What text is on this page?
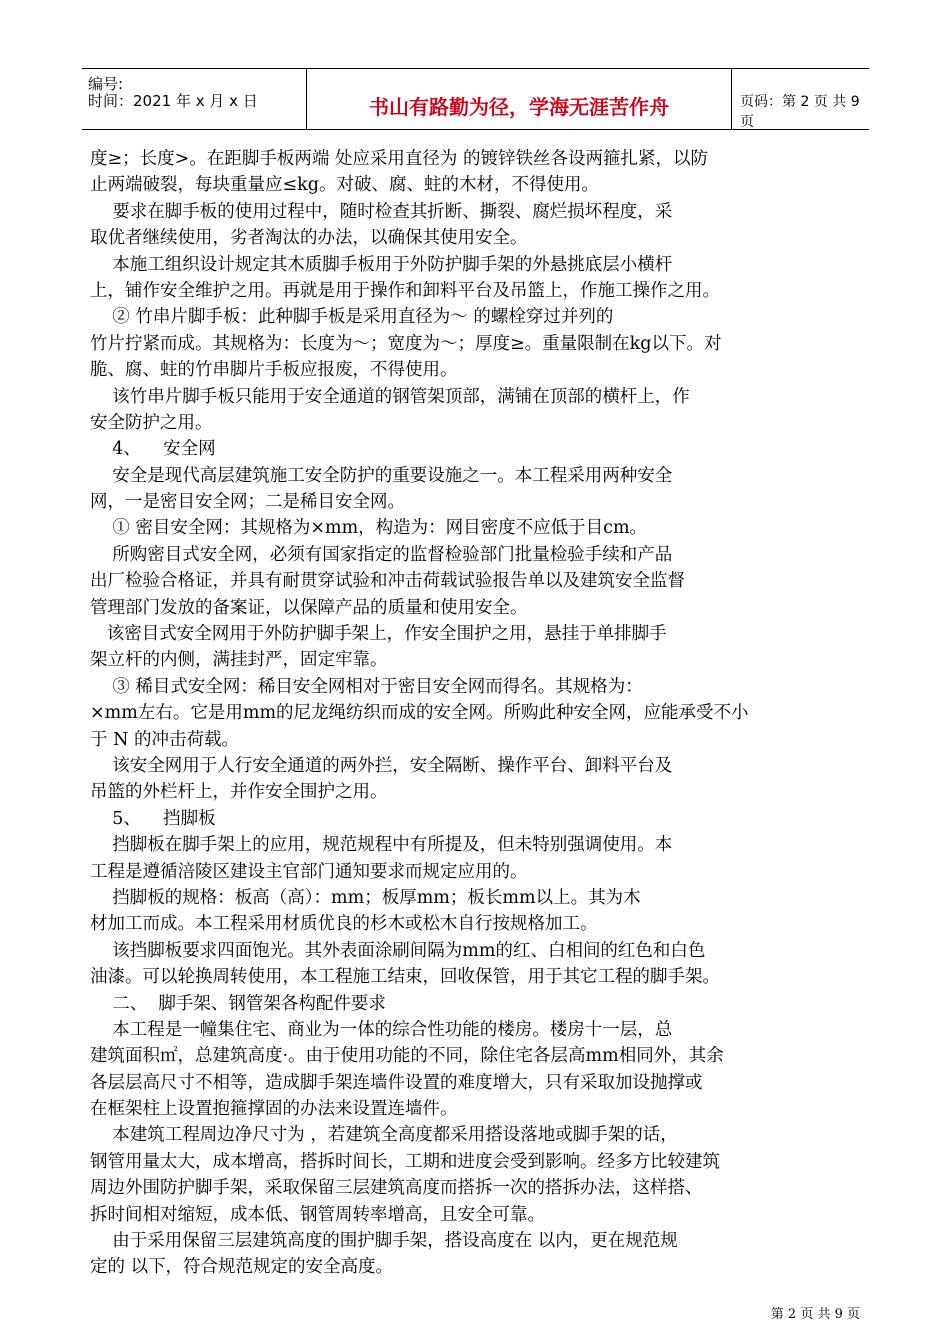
编号:
时间：2021 年 x 月 x 日	书山有路勤为径，学海无涯苦作舟	页码：第 2 页 共 9 页
度≥；长度>。在距脚手板两端 处应采用直径为 的镀锌铁丝各设两箍扎紧，以防
止两端破裂，每块重量应≤kg。对破、腐、蛀的木材，不得使用。
要求在脚手板的使用过程中，随时检查其折断、撕裂、腐烂损坏程度，采
取优者继续使用，劣者淘汰的办法，以确保其使用安全。
本施工组织设计规定其木质脚手板用于外防护脚手架的外悬挑底层小横杆
上，铺作安全维护之用。再就是用于操作和卸料平台及吊篮上，作施工操作之用。
② 竹串片脚手板：此种脚手板是采用直径为～ 的螺栓穿过并列的
竹片拧紧而成。其规格为：长度为～；宽度为～；厚度≥。重量限制在kg以下。对
脆、腐、蛀的竹串脚片手板应报废，不得使用。
该竹串片脚手板只能用于安全通道的钢管架顶部，满铺在顶部的横杆上，作
安全防护之用。
4、    安全网
安全是现代高层建筑施工安全防护的重要设施之一。本工程采用两种安全
网，一是密目安全网；二是稀目安全网。
① 密目安全网：其规格为×mm，构造为：网目密度不应低于目cm。
所购密目式安全网，必须有国家指定的监督检验部门批量检验手续和产品
出厂检验合格证，并具有耐贯穿试验和冲击荷载试验报告单以及建筑安全监督
管理部门发放的备案证，以保障产品的质量和使用安全。
该密目式安全网用于外防护脚手架上，作安全围护之用，悬挂于单排脚手
架立杆的内侧，满挂封严，固定牢靠。
③ 稀目式安全网：稀目安全网相对于密目安全网而得名。其规格为：
×mm左右。它是用mm的尼龙绳纺织而成的安全网。所购此种安全网，应能承受不小
于 N 的冲击荷载。
该安全网用于人行安全通道的两外拦，安全隔断、操作平台、卸料平台及
吊篮的外栏杆上，并作安全围护之用。
5、    挡脚板
挡脚板在脚手架上的应用，规范规程中有所提及，但未特别强调使用。本
工程是遵循涪陵区建设主官部门通知要求而规定应用的。
挡脚板的规格：板高（高）：mm；板厚mm；板长mm以上。其为木
材加工而成。本工程采用材质优良的杉木或松木自行按规格加工。
该挡脚板要求四面饱光。其外表面涂刷间隔为mm的红、白相间的红色和白色
油漆。可以轮换周转使用，本工程施工结束，回收保管，用于其它工程的脚手架。
二、  脚手架、钢管架各构配件要求
本工程是一幢集住宅、商业为一体的综合性功能的楼房。楼房十一层，总
建筑面积㎡，总建筑高度·。由于使用功能的不同，除住宅各层高mm相同外，其余
各层层高尺寸不相等，造成脚手架连墙件设置的难度增大，只有采取加设抛撑或
在框架柱上设置抱箍撑固的办法来设置连墙件。
本建筑工程周边净尺寸为 ，若建筑全高度都采用搭设落地或脚手架的话，
钢管用量太大，成本增高，搭拆时间长，工期和进度会受到影响。经多方比较建筑
周边外围防护脚手架，采取保留三层建筑高度而搭拆一次的搭拆办法，这样搭、
拆时间相对缩短，成本低、钢管周转率增高，且安全可靠。
由于采用保留三层建筑高度的围护脚手架，搭设高度在 以内，更在规范规
定的 以下，符合规范规定的安全高度。
第 2 页 共 9 页
